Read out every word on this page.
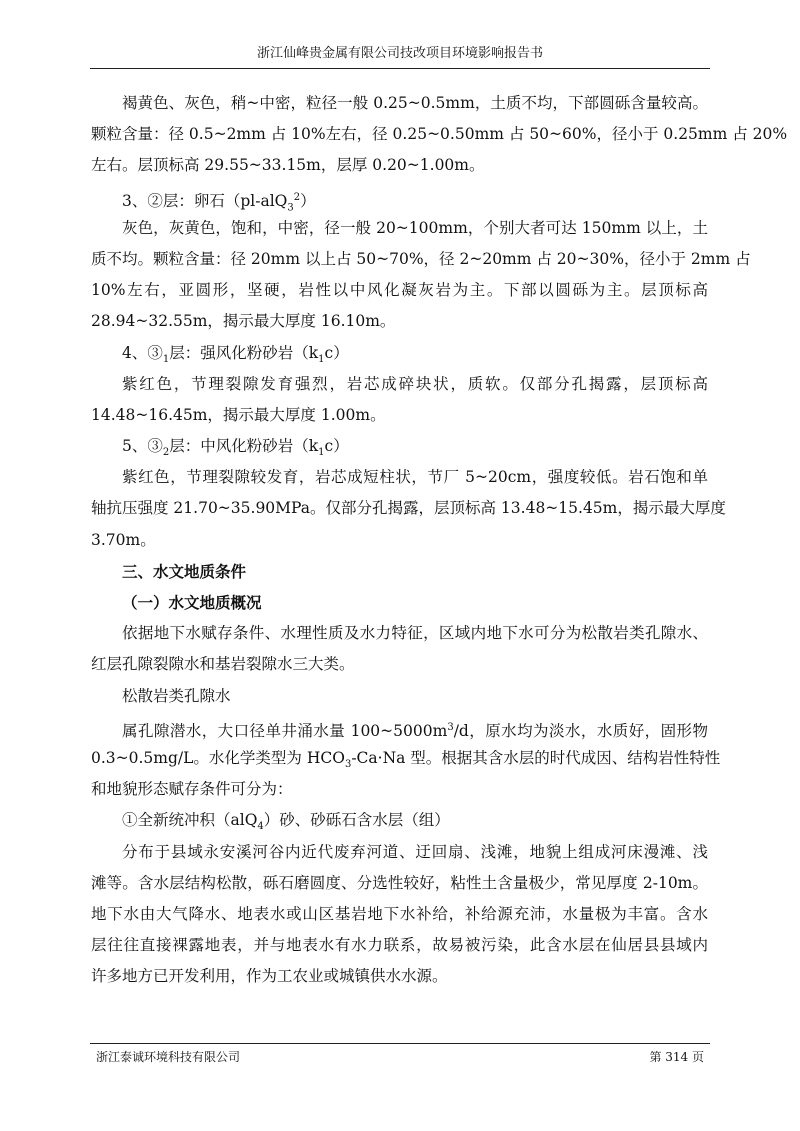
浙江仙峰贵金属有限公司技改项目环境影响报告书
褐黄色、灰色，稍~中密，粒径一般 0.25~0.5mm，土质不均，下部圆砾含量较高。
颗粒含量：径 0.5~2mm 占 10%左右，径 0.25~0.50mm 占 50~60%，径小于 0.25mm 占 20%
左右。层顶标高 29.55~33.15m，层厚 0.20~1.00m。
3、②层：卵石（pl-alQ$_3^2$）
灰色，灰黄色，饱和，中密，径一般 20~100mm，个别大者可达 150mm 以上，土
质不均。颗粒含量：径 20mm 以上占 50~70%，径 2~20mm 占 20~30%，径小于 2mm 占
10%左右，亚圆形，坚硬，岩性以中风化凝灰岩为主。下部以圆砾为主。层顶标高
28.94~32.55m，揭示最大厚度 16.10m。
4、$③_1$层：强风化粉砂岩$(k_1c)$
紫红色，节理裂隙发育强烈，岩芯成碎块状，质软。仅部分孔揭露，层顶标高
14.48~16.45m，揭示最大厚度 1.00m。
5、$③_2$层：中风化粉砂岩$(k_1c)$
紫红色，节理裂隙较发育，岩芯成短柱状，节厂 5~20cm，强度较低。岩石饱和单
轴抗压强度 21.70~35.90MPa。仅部分孔揭露，层顶标高 13.48~15.45m，揭示最大厚度
3.70m。
三、水文地质条件
（一）水文地质概况
依据地下水赋存条件、水理性质及水力特征，区域内地下水可分为松散岩类孔隙水、
红层孔隙裂隙水和基岩裂隙水三大类。
松散岩类孔隙水
属孔隙潜水，大口径单井涌水量 $100\sim 5000m^3/d$，原水均为淡水，水质好，固形物
0.3~0.5mg/L。水化学类型为 $HCO_3-Ca\cdot Na$ 型。根据其含水层的时代成因、结构岩性特性
和地貌形态赋存条件可分为：
①全新统冲积（alQ$_4$）砂、砂砾石含水层（组）
分布于县域永安溪河谷内近代废弃河道、迂回扇、浅滩，地貌上组成河床漫滩、浅
滩等。含水层结构松散，砾石磨圆度、分选性较好，粘性土含量极少，常见厚度 2-10m。
地下水由大气降水、地表水或山区基岩地下水补给，补给源充沛，水量极为丰富。含水
层往往直接裸露地表，并与地表水有水力联系，故易被污染，此含水层在仙居县县域内
许多地方已开发利用，作为工农业或城镇供水水源。
浙江泰诚环境科技有限公司	第 314 页
